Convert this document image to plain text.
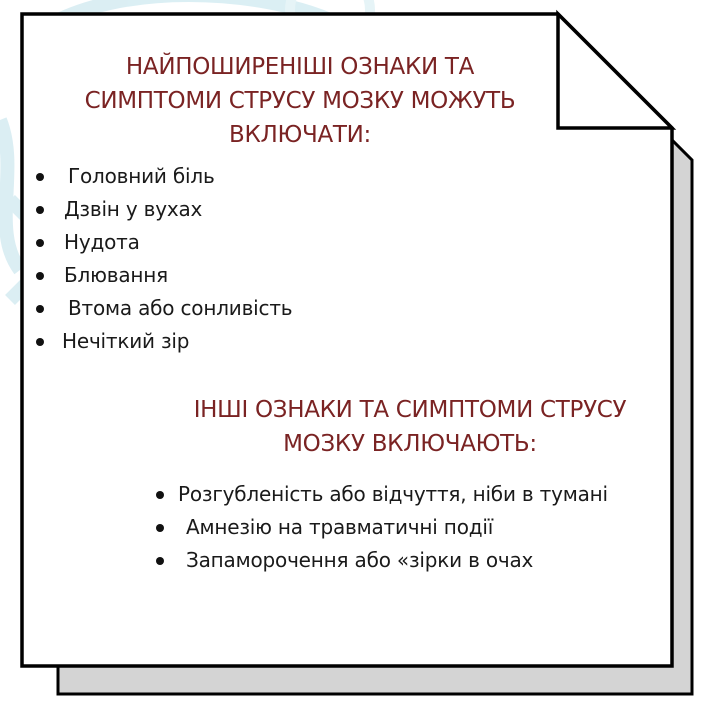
НАЙПОШИРЕНІШІ ОЗНАКИ ТА
СИМПТОМИ СТРУСУ МОЗКУ МОЖУТЬ
ВКЛЮЧАТИ:
Головний біль
Дзвін у вухах
Нудота
Блювання
Втома або сонливість
Нечіткий зір
ІНШІ ОЗНАКИ ТА СИМПТОМИ СТРУСУ
МОЗКУ ВКЛЮЧАЮТЬ:
Розгубленість або відчуття, ніби в тумані
Амнезію на травматичні події
Запаморочення або «зірки в очах
